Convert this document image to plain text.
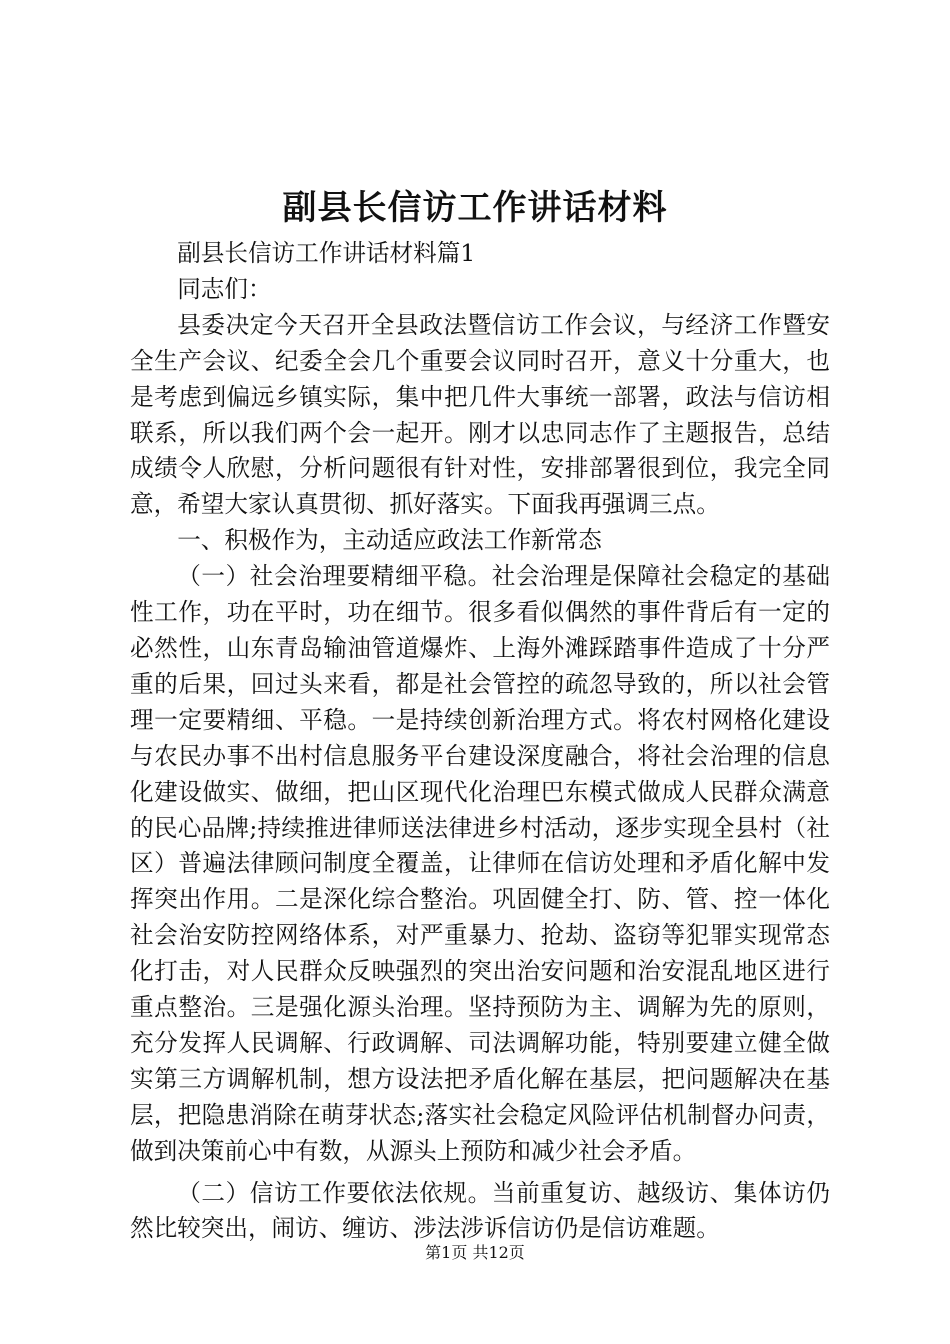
副县长信访工作讲话材料

副县长信访工作讲话材料篇1

同志们：

县委决定今天召开全县政法暨信访工作会议，与经济工作暨安全生产会议、纪委全会几个重要会议同时召开，意义十分重大，也是考虑到偏远乡镇实际，集中把几件大事统一部署，政法与信访相联系，所以我们两个会一起开。刚才以忠同志作了主题报告，总结成绩令人欣慰，分析问题很有针对性，安排部署很到位，我完全同意，希望大家认真贯彻、抓好落实。下面我再强调三点。

一、积极作为，主动适应政法工作新常态

（一）社会治理要精细平稳。社会治理是保障社会稳定的基础性工作，功在平时，功在细节。很多看似偶然的事件背后有一定的必然性，山东青岛输油管道爆炸、上海外滩踩踏事件造成了十分严重的后果，回过头来看，都是社会管控的疏忽导致的，所以社会管理一定要精细、平稳。一是持续创新治理方式。将农村网格化建设与农民办事不出村信息服务平台建设深度融合，将社会治理的信息化建设做实、做细，把山区现代化治理巴东模式做成人民群众满意的民心品牌;持续推进律师送法律进乡村活动，逐步实现全县村（社区）普遍法律顾问制度全覆盖，让律师在信访处理和矛盾化解中发挥突出作用。二是深化综合整治。巩固健全打、防、管、控一体化社会治安防控网络体系，对严重暴力、抢劫、盗窃等犯罪实现常态化打击，对人民群众反映强烈的突出治安问题和治安混乱地区进行重点整治。三是强化源头治理。坚持预防为主、调解为先的原则，充分发挥人民调解、行政调解、司法调解功能，特别要建立健全做实第三方调解机制，想方设法把矛盾化解在基层，把问题解决在基层，把隐患消除在萌芽状态;落实社会稳定风险评估机制督办问责，做到决策前心中有数，从源头上预防和减少社会矛盾。

（二）信访工作要依法依规。当前重复访、越级访、集体访仍然比较突出，闹访、缠访、涉法涉诉信访仍是信访难题。

第1页 共12页
